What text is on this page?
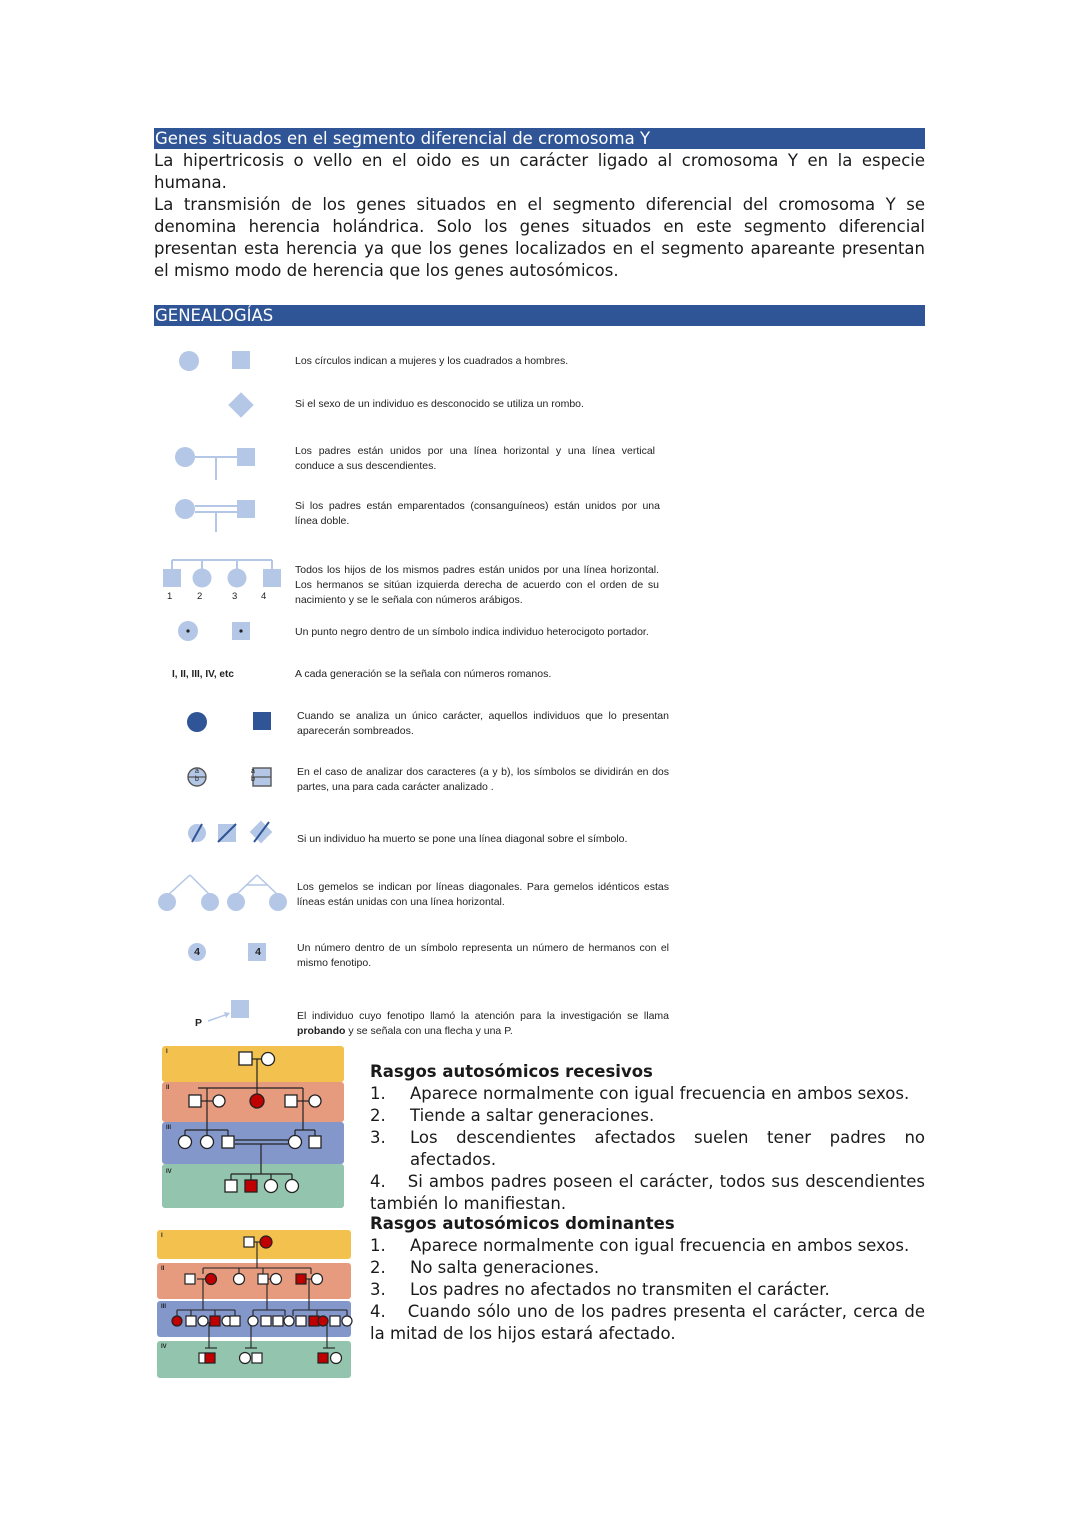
Genes situados en el segmento diferencial de cromosoma Y

La hipertricosis o vello en el oido es un carácter ligado al cromosoma Y en la especie humana.

La transmisión de los genes situados en el segmento diferencial del cromosoma Y se denomina herencia holándrica. Solo los genes situados en este segmento diferencial presentan esta herencia ya que los genes localizados en el segmento apareante presentan el mismo modo de herencia que los genes autosómicos.

GENEALOGÍAS
1	2	3 4
a
b
a
b
4	4
P
I, II, III, IV, etc
Los círculos indican a mujeres y los cuadrados a hombres.
Si el sexo de un individuo es desconocido se utiliza un rombo.
Los padres están unidos por una línea horizontal y una línea vertical conduce a sus descendientes.
Si los padres están emparentados (consanguíneos) están unidos por una línea doble.
Todos los hijos de los mismos padres están unidos por una línea horizontal. Los hermanos se sitúan izquierda derecha de acuerdo con el orden de su nacimiento y se le señala con números arábigos.
Un punto negro dentro de un símbolo indica individuo heterocigoto portador.
A cada generación se la señala con números romanos.
Cuando se analiza un único carácter, aquellos individuos que lo presentan aparecerán sombreados.
En el caso de analizar dos caracteres (a y b), los símbolos se dividirán en dos partes, una para cada carácter analizado .
Si un individuo ha muerto se pone una línea diagonal sobre el símbolo.
Los gemelos se indican por líneas diagonales. Para gemelos idénticos estas líneas están unidas con una línea horizontal.
Un número dentro de un símbolo representa un número de hermanos con el mismo fenotipo.
El individuo cuyo fenotipo llamó la atención para la investigación se llama probando y se señala con una flecha y una P.
I
II
III
IV
Rasgos autosómicos recesivos
1. Aparece normalmente con igual frecuencia en ambos sexos.
2. Tiende a saltar generaciones.
3. Los descendientes afectados suelen tener padres no afectados.
4. Si ambos padres poseen el carácter, todos sus descendientes también lo manifiestan.
I
II
III
IV
Rasgos autosómicos dominantes
1. Aparece normalmente con igual frecuencia en ambos sexos.
2. No salta generaciones.
3. Los padres no afectados no transmiten el carácter.
4. Cuando sólo uno de los padres presenta el carácter, cerca de la mitad de los hijos estará afectado.
